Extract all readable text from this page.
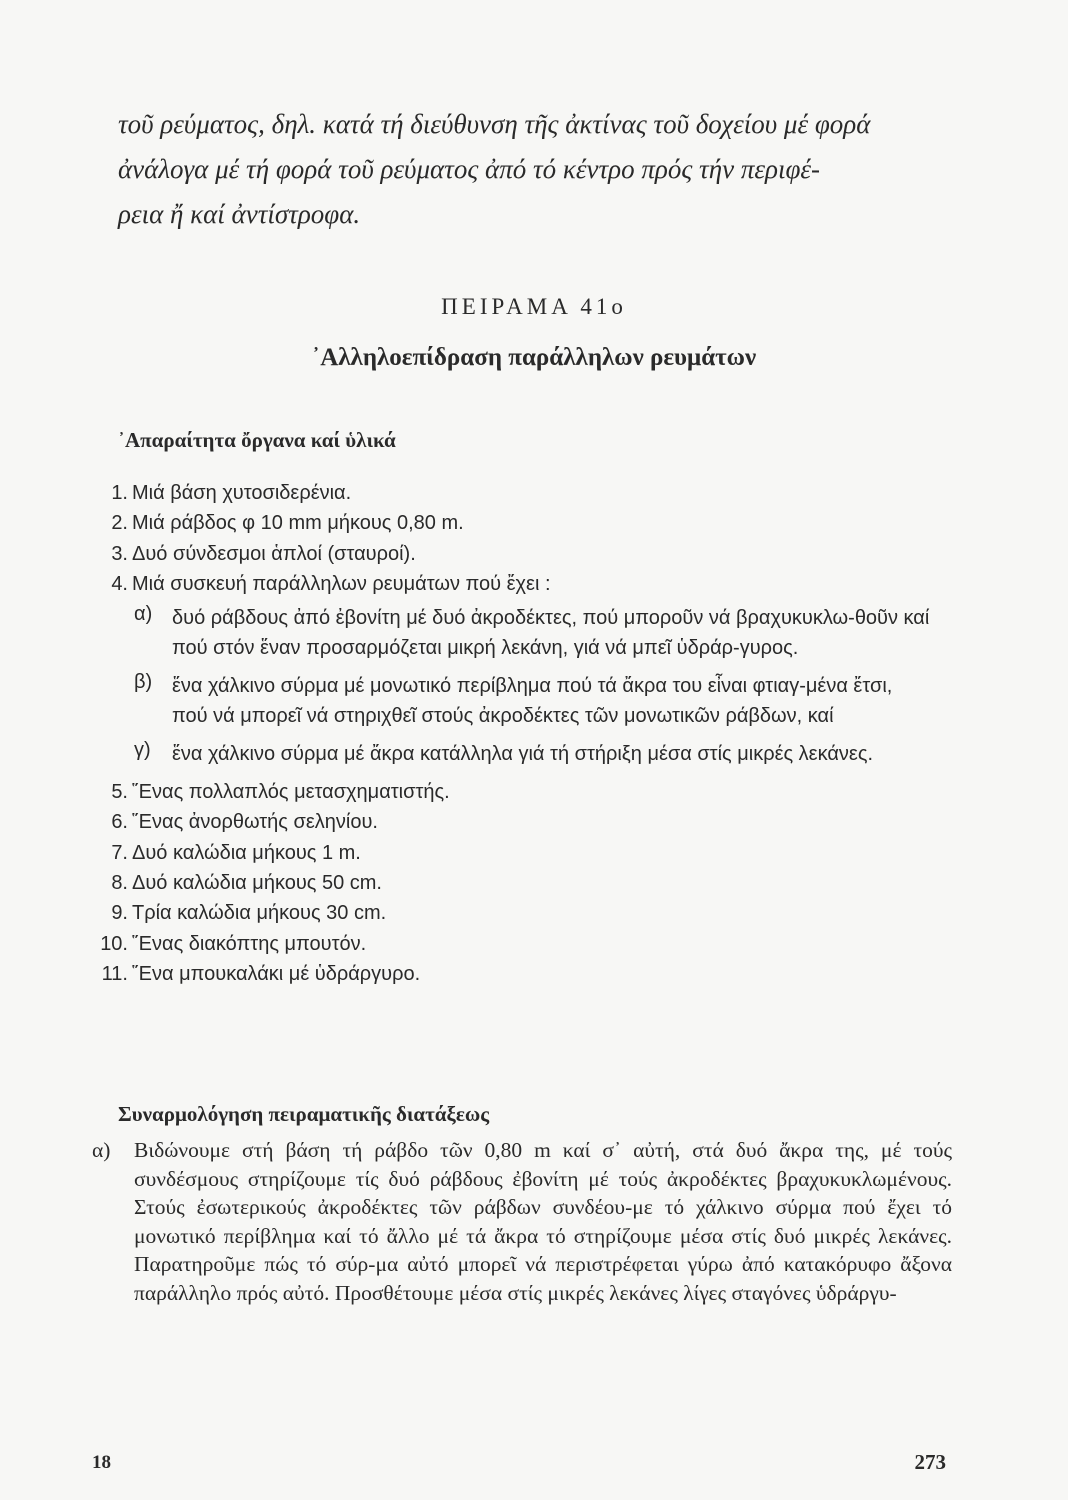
τοῦ ρεύματος, δηλ. κατά τή διεύθυνση τῆς ἀκτίνας τοῦ δοχείου μέ φορά
ἀνάλογα μέ τή φορά τοῦ ρεύματος ἀπό τό κέντρο πρός τήν περιφέ-
ρεια ἤ καί ἀντίστροφα.
ΠΕΙΡΑΜΑ 41ο
᾿Αλληλοεπίδραση παράλληλων ρευμάτων
᾿Απαραίτητα ὄργανα καί ὑλικά
1. Μιά βάση χυτοσιδερένια.
2. Μιά ράβδος φ 10 mm μήκους 0,80 m.
3. Δυό σύνδεσμοι ἁπλοί (σταυροί).
4. Μιά συσκευή παράλληλων ρευμάτων πού ἔχει :
α) δυό ράβδους ἀπό ἐβονίτη μέ δυό ἀκροδέκτες, πού μποροῦν νά βραχυκυκλω-θοῦν καί πού στόν ἕναν προσαρμόζεται μικρή λεκάνη, γιά νά μπεῖ ὑδράρ-γυρος.
β) ἕνα χάλκινο σύρμα μέ μονωτικό περίβλημα πού τά ἄκρα του εἶναι φτιαγ-μένα ἔτσι, πού νά μπορεῖ νά στηριχθεῖ στούς ἀκροδέκτες τῶν μονωτικῶν ράβδων, καί
γ) ἕνα χάλκινο σύρμα μέ ἄκρα κατάλληλα γιά τή στήριξη μέσα στίς μικρές λεκάνες.
5. ῞Ενας πολλαπλός μετασχηματιστής.
6. ῞Ενας ἀνορθωτής σεληνίου.
7. Δυό καλώδια μήκους 1 m.
8. Δυό καλώδια μήκους 50 cm.
9. Τρία καλώδια μήκους 30 cm.
10. ῞Ενας διακόπτης μπουτόν.
11. ῞Ενα μπουκαλάκι μέ ὑδράργυρο.
Συναρμολόγηση πειραματικῆς διατάξεως
α) Βιδώνουμε στή βάση τή ράβδο τῶν 0,80 m καί σ᾿ αὐτή, στά δυό ἄκρα της, μέ τούς συνδέσμους στηρίζουμε τίς δυό ράβδους ἐβονίτη μέ τούς ἀκροδέκτες βραχυκυκλωμένους. Στούς ἐσωτερικούς ἀκροδέκτες τῶν ράβδων συνδέου-με τό χάλκινο σύρμα πού ἔχει τό μονωτικό περίβλημα καί τό ἄλλο μέ τά ἄκρα τό στηρίζουμε μέσα στίς δυό μικρές λεκάνες. Παρατηροῦμε πώς τό σύρ-μα αὐτό μπορεῖ νά περιστρέφεται γύρω ἀπό κατακόρυφο ἄξονα παράλληλο πρός αὐτό. Προσθέτουμε μέσα στίς μικρές λεκάνες λίγες σταγόνες ὑδράργυ-
18	273
